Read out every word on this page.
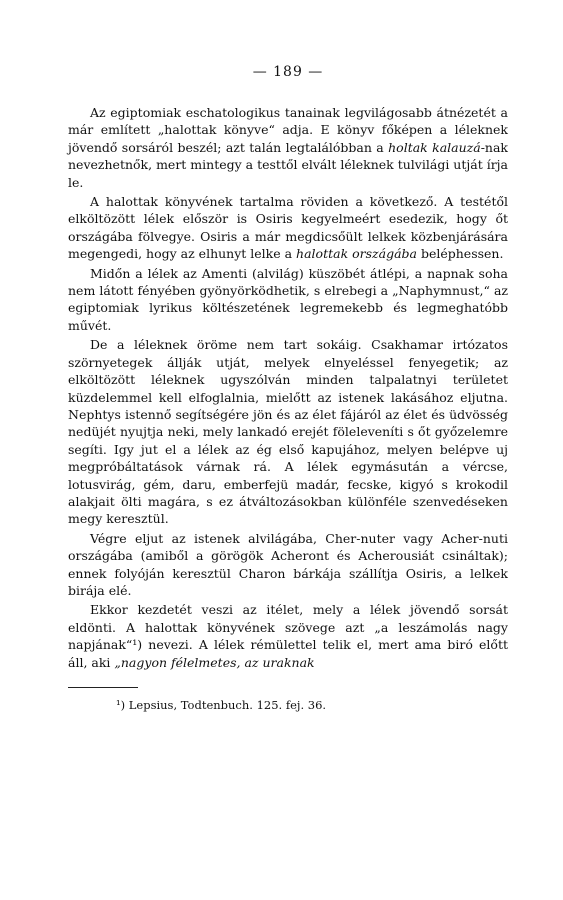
— 189 —

Az egiptomiak eschatologikus tanainak legvilágosabb átnézetét a már említett „halottak könyve“ adja. E könyv főképen a léleknek jövendő sorsáról beszél; azt talán legtalálóbban a holtak kalauzá-nak nevezhetnők, mert mintegy a testtől elvált léleknek tulvilági utját írja le.

A halottak könyvének tartalma röviden a következő. A testétől elköltözött lélek először is Osiris kegyelmeért esedezik, hogy őt országába fölvegye. Osiris a már megdicsőült lelkek közbenjárására megengedi, hogy az elhunyt lelke a halottak országába beléphessen.

Midőn a lélek az Amenti (alvilág) küszöbét átlépi, a napnak soha nem látott fényében gyönyörködhetik, s elrebegi a „Naphymnust,“ az egiptomiak lyrikus költészetének legremekebb és legmeghatóbb művét.

De a léleknek öröme nem tart sokáig. Csakhamar irtózatos szörnyetegek állják utját, melyek elnyeléssel fenyegetik; az elköltözött léleknek ugyszólván minden talpalatnyi területet küzdelemmel kell elfoglalnia, mielőtt az istenek lakásához eljutna. Nephtys istennő segítségére jön és az élet fájáról az élet és üdvösség nedüjét nyujtja neki, mely lankadó erejét föleleveníti s őt győzelemre segíti. Igy jut el a lélek az ég első kapujához, melyen belépve uj megpróbáltatások várnak rá. A lélek egymásután a vércse, lotusvirág, gém, daru, emberfejü madár, fecske, kigyó s krokodil alakjait ölti magára, s ez átváltozásokban különféle szenvedéseken megy keresztül.

Végre eljut az istenek alvilágába, Cher-nuter vagy Acher-nuti országába (amiből a görögök Acheront és Acherousiát csináltak); ennek folyóján keresztül Charon bárkája szállítja Osiris, a lelkek birája elé.

Ekkor kezdetét veszi az itélet, mely a lélek jövendő sorsát eldönti. A halottak könyvének szövege azt „a leszámolás nagy napjának“¹) nevezi. A lélek rémülettel telik el, mert ama biró előtt áll, aki „nagyon félelmetes, az uraknak

¹) Lepsius, Todtenbuch. 125. fej. 36.
